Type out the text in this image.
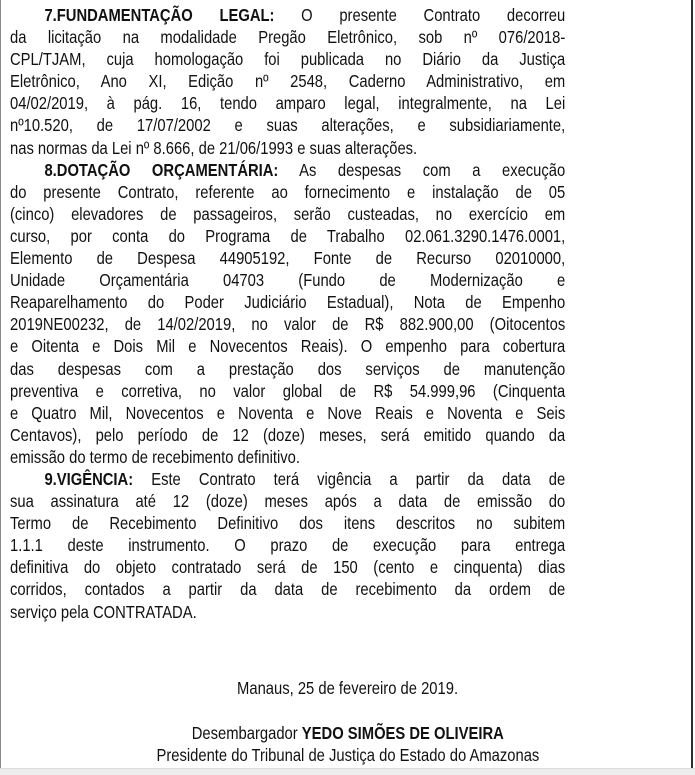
7.FUNDAMENTAÇÃO LEGAL: O presente Contrato decorreu
da licitação na modalidade Pregão Eletrônico, sob nº 076/2018-
CPL/TJAM, cuja homologação foi publicada no Diário da Justiça
Eletrônico, Ano XI, Edição nº 2548, Caderno Administrativo, em
04/02/2019, à pág. 16, tendo amparo legal, integralmente, na Lei
nº10.520, de 17/07/2002 e suas alterações, e subsidiariamente,
nas normas da Lei nº 8.666, de 21/06/1993 e suas alterações.
8.DOTAÇÃO ORÇAMENTÁRIA: As despesas com a execução
do presente Contrato, referente ao fornecimento e instalação de 05
(cinco) elevadores de passageiros, serão custeadas, no exercício em
curso, por conta do Programa de Trabalho 02.061.3290.1476.0001,
Elemento de Despesa 44905192, Fonte de Recurso 02010000,
Unidade Orçamentária 04703 (Fundo de Modernização e
Reaparelhamento do Poder Judiciário Estadual), Nota de Empenho
2019NE00232, de 14/02/2019, no valor de R$ 882.900,00 (Oitocentos
e Oitenta e Dois Mil e Novecentos Reais). O empenho para cobertura
das despesas com a prestação dos serviços de manutenção
preventiva e corretiva, no valor global de R$ 54.999,96 (Cinquenta
e Quatro Mil, Novecentos e Noventa e Nove Reais e Noventa e Seis
Centavos), pelo período de 12 (doze) meses, será emitido quando da
emissão do termo de recebimento definitivo.
9.VIGÊNCIA: Este Contrato terá vigência a partir da data de
sua assinatura até 12 (doze) meses após a data de emissão do
Termo de Recebimento Definitivo dos itens descritos no subitem
1.1.1 deste instrumento. O prazo de execução para entrega
definitiva do objeto contratado será de 150 (cento e cinquenta) dias
corridos, contados a partir da data de recebimento da ordem de
serviço pela CONTRATADA.
Manaus, 25 de fevereiro de 2019.
Desembargador YEDO SIMÕES DE OLIVEIRA
Presidente do Tribunal de Justiça do Estado do Amazonas
